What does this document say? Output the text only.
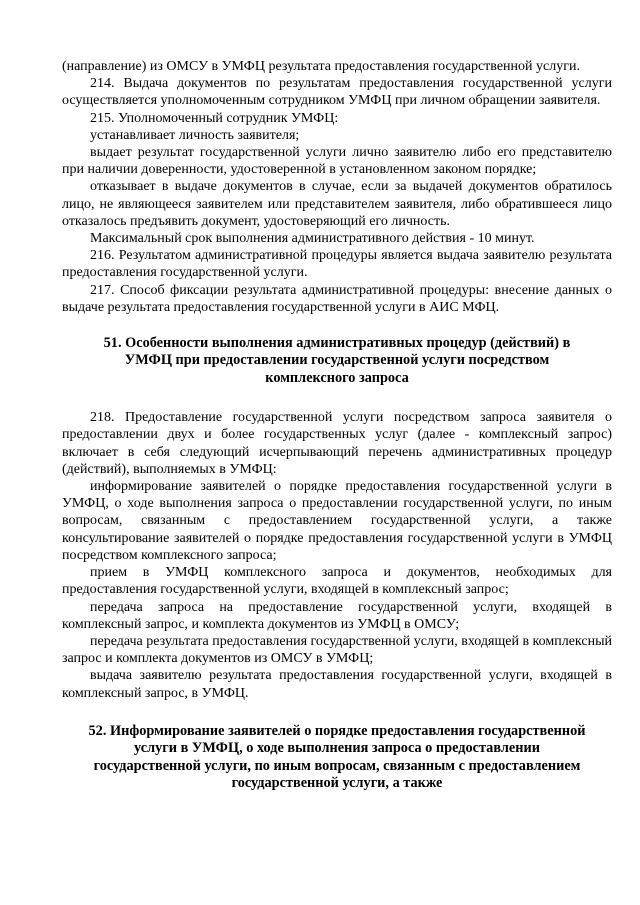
(направление) из ОМСУ в УМФЦ результата предоставления государственной услуги.

214. Выдача документов по результатам предоставления государственной услуги осуществляется уполномоченным сотрудником УМФЦ при личном обращении заявителя.

215. Уполномоченный сотрудник УМФЦ:

устанавливает личность заявителя;

выдает результат государственной услуги лично заявителю либо его представителю при наличии доверенности, удостоверенной в установленном законом порядке;

отказывает в выдаче документов в случае, если за выдачей документов обратилось лицо, не являющееся заявителем или представителем заявителя, либо обратившееся лицо отказалось предъявить документ, удостоверяющий его личность.

Максимальный срок выполнения административного действия - 10 минут.

216. Результатом административной процедуры является выдача заявителю результата предоставления государственной услуги.

217. Способ фиксации результата административной процедуры: внесение данных о выдаче результата предоставления государственной услуги в АИС МФЦ.

51. Особенности выполнения административных процедур (действий) в УМФЦ при предоставлении государственной услуги посредством комплексного запроса

218. Предоставление государственной услуги посредством запроса заявителя о предоставлении двух и более государственных услуг (далее - комплексный запрос) включает в себя следующий исчерпывающий перечень административных процедур (действий), выполняемых в УМФЦ:

информирование заявителей о порядке предоставления государственной услуги в УМФЦ, о ходе выполнения запроса о предоставлении государственной услуги, по иным вопросам, связанным с предоставлением государственной услуги, а также консультирование заявителей о порядке предоставления государственной услуги в УМФЦ посредством комплексного запроса;

прием в УМФЦ комплексного запроса и документов, необходимых для предоставления государственной услуги, входящей в комплексный запрос;

передача запроса на предоставление государственной услуги, входящей в комплексный запрос, и комплекта документов из УМФЦ в ОМСУ;

передача результата предоставления государственной услуги, входящей в комплексный запрос и комплекта документов из ОМСУ в УМФЦ;

выдача заявителю результата предоставления государственной услуги, входящей в комплексный запрос, в УМФЦ.

52. Информирование заявителей о порядке предоставления государственной услуги в УМФЦ, о ходе выполнения запроса о предоставлении государственной услуги, по иным вопросам, связанным с предоставлением государственной услуги, а также
